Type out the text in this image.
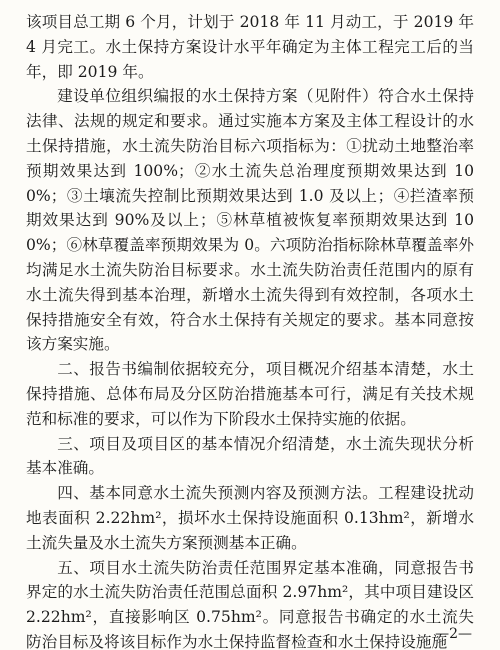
该项目总工期 6 个月，计划于 2018 年 11 月动工，于 2019 年 4 月完工。水土保持方案设计水平年确定为主体工程完工后的当年，即 2019 年。

建设单位组织编报的水土保持方案（见附件）符合水土保持法律、法规的规定和要求。通过实施本方案及主体工程设计的水土保持措施，水土流失防治目标六项指标为：①扰动土地整治率预期效果达到 100%；②水土流失总治理度预期效果达到 100%；③土壤流失控制比预期效果达到 1.0 及以上；④拦渣率预期效果达到 90%及以上；⑤林草植被恢复率预期效果达到 100%；⑥林草覆盖率预期效果为 0。六项防治指标除林草覆盖率外均满足水土流失防治目标要求。水土流失防治责任范围内的原有水土流失得到基本治理，新增水土流失得到有效控制，各项水土保持措施安全有效，符合水土保持有关规定的要求。基本同意按该方案实施。

二、报告书编制依据较充分，项目概况介绍基本清楚，水土保持措施、总体布局及分区防治措施基本可行，满足有关技术规范和标准的要求，可以作为下阶段水土保持实施的依据。

三、项目及项目区的基本情况介绍清楚，水土流失现状分析基本准确。

四、基本同意水土流失预测内容及预测方法。工程建设扰动地表面积 2.22hm²，损坏水土保持设施面积 0.13hm²，新增水土流失量及水土流失方案预测基本正确。

五、项目水土流失防治责任范围界定基本准确，同意报告书界定的水土流失防治责任范围总面积 2.97hm²，其中项目建设区 2.22hm²，直接影响区 0.75hm²。同意报告书确定的水土流失防治目标及将该目标作为水土保持监督检查和水土保持设施施

—2—
